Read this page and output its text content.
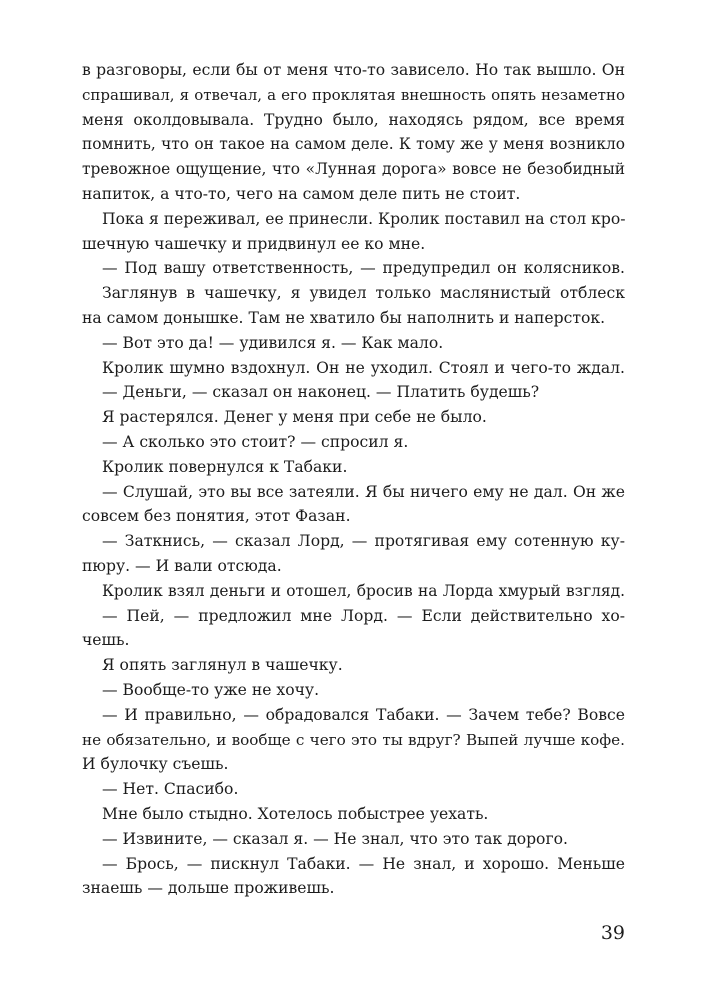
в разговоры, если бы от меня что-то зависело. Но так вышло. Он
спрашивал, я отвечал, а его проклятая внешность опять незаметно
меня околдовывала. Трудно было, находясь рядом, все время
помнить, что он такое на самом деле. К тому же у меня возникло
тревожное ощущение, что «Лунная дорога» вовсе не безобидный
напиток, а что-то, чего на самом деле пить не стоит.
Пока я переживал, ее принесли. Кролик поставил на стол кро-
шечную чашечку и придвинул ее ко мне.
— Под вашу ответственность, — предупредил он колясников.
Заглянув в чашечку, я увидел только маслянистый отблеск
на самом донышке. Там не хватило бы наполнить и наперсток.
— Вот это да! — удивился я. — Как мало.
Кролик шумно вздохнул. Он не уходил. Стоял и чего-то ждал.
— Деньги, — сказал он наконец. — Платить будешь?
Я растерялся. Денег у меня при себе не было.
— А сколько это стоит? — спросил я.
Кролик повернулся к Табаки.
— Слушай, это вы все затеяли. Я бы ничего ему не дал. Он же
совсем без понятия, этот Фазан.
— Заткнись, — сказал Лорд, — протягивая ему сотенную ку-
пюру. — И вали отсюда.
Кролик взял деньги и отошел, бросив на Лорда хмурый взгляд.
— Пей, — предложил мне Лорд. — Если действительно хо-
чешь.
Я опять заглянул в чашечку.
— Вообще-то уже не хочу.
— И правильно, — обрадовался Табаки. — Зачем тебе? Вовсе
не обязательно, и вообще с чего это ты вдруг? Выпей лучше кофе.
И булочку съешь.
— Нет. Спасибо.
Мне было стыдно. Хотелось побыстрее уехать.
— Извините, — сказал я. — Не знал, что это так дорого.
— Брось, — пискнул Табаки. — Не знал, и хорошо. Меньше
знаешь — дольше проживешь.
39
